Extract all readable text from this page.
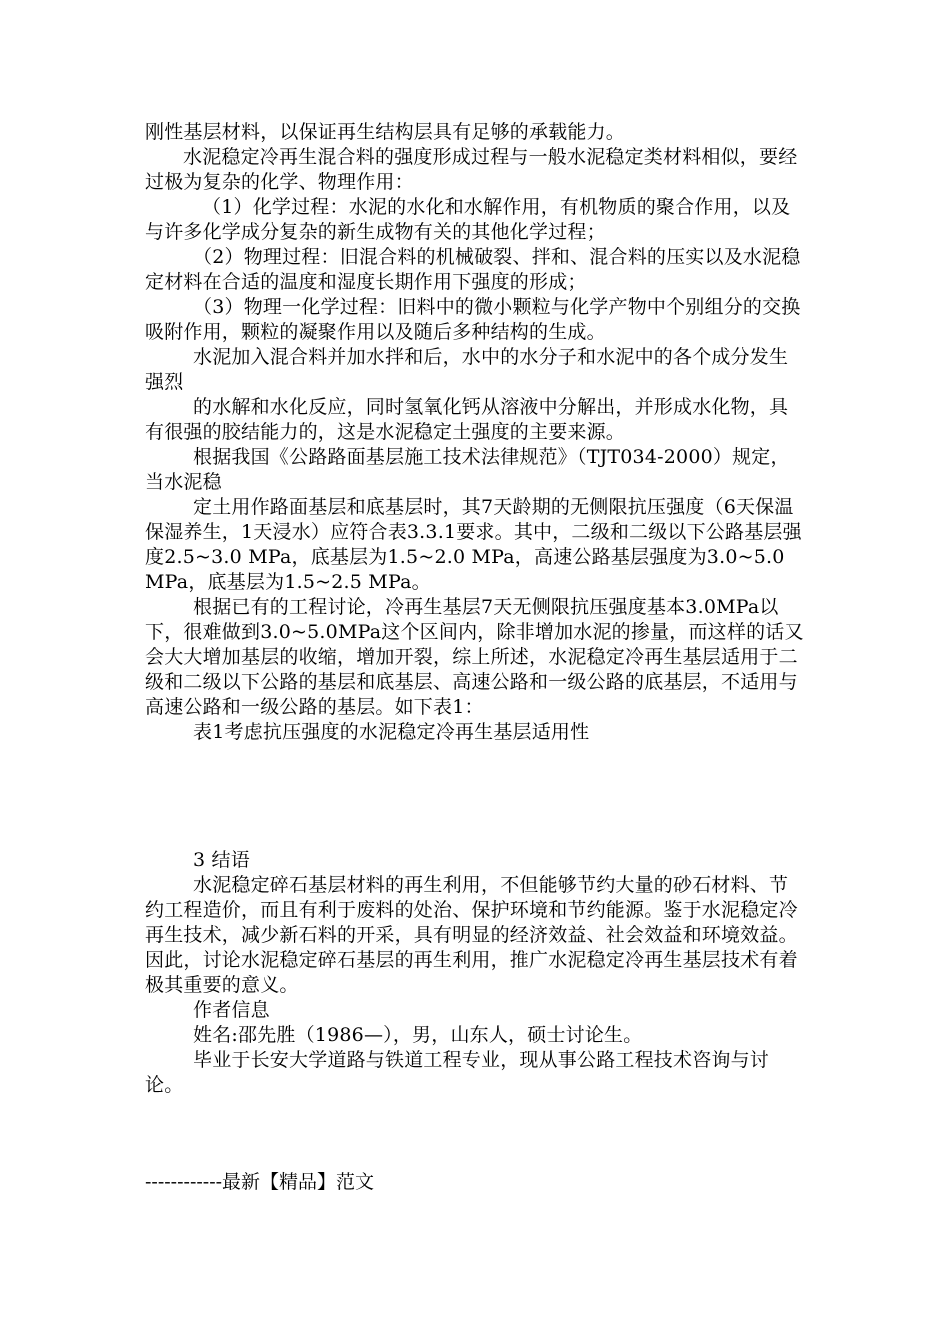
刚性基层材料，以保证再生结构层具有足够的承载能力。

水泥稳定冷再生混合料的强度形成过程与一般水泥稳定类材料相似，要经过极为复杂的化学、物理作用：

（1）化学过程：水泥的水化和水解作用，有机物质的聚合作用，以及与许多化学成分复杂的新生成物有关的其他化学过程；

（2）物理过程：旧混合料的机械破裂、拌和、混合料的压实以及水泥稳定材料在合适的温度和湿度长期作用下强度的形成；

（3）物理一化学过程：旧料中的微小颗粒与化学产物中个别组分的交换吸附作用，颗粒的凝聚作用以及随后多种结构的生成。

水泥加入混合料并加水拌和后，水中的水分子和水泥中的各个成分发生强烈

的水解和水化反应，同时氢氧化钙从溶液中分解出，并形成水化物，具有很强的胶结能力的，这是水泥稳定土强度的主要来源。

根据我国《公路路面基层施工技术法律规范》（TJT034-2000）规定，当水泥稳

定土用作路面基层和底基层时，其7天龄期的无侧限抗压强度（6天保温保湿养生，1天浸水）应符合表3.3.1要求。其中，二级和二级以下公路基层强度2.5~3.0 MPa，底基层为1.5~2.0 MPa，高速公路基层强度为3.0~5.0 MPa，底基层为1.5~2.5 MPa。

根据已有的工程讨论，冷再生基层7天无侧限抗压强度基本3.0MPa以下，很难做到3.0~5.0MPa这个区间内，除非增加水泥的掺量，而这样的话又会大大增加基层的收缩，增加开裂，综上所述，水泥稳定冷再生基层适用于二级和二级以下公路的基层和底基层、高速公路和一级公路的底基层，不适用与高速公路和一级公路的基层。如下表1：

表1考虑抗压强度的水泥稳定冷再生基层适用性

3 结语

水泥稳定碎石基层材料的再生利用，不但能够节约大量的砂石材料、节约工程造价，而且有利于废料的处治、保护环境和节约能源。鉴于水泥稳定冷再生技术，减少新石料的开采，具有明显的经济效益、社会效益和环境效益。因此，讨论水泥稳定碎石基层的再生利用，推广水泥稳定冷再生基层技术有着极其重要的意义。

作者信息

姓名:邵先胜（1986—），男，山东人，硕士讨论生。

毕业于长安大学道路与铁道工程专业，现从事公路工程技术咨询与讨论。

------------最新【精品】范文
